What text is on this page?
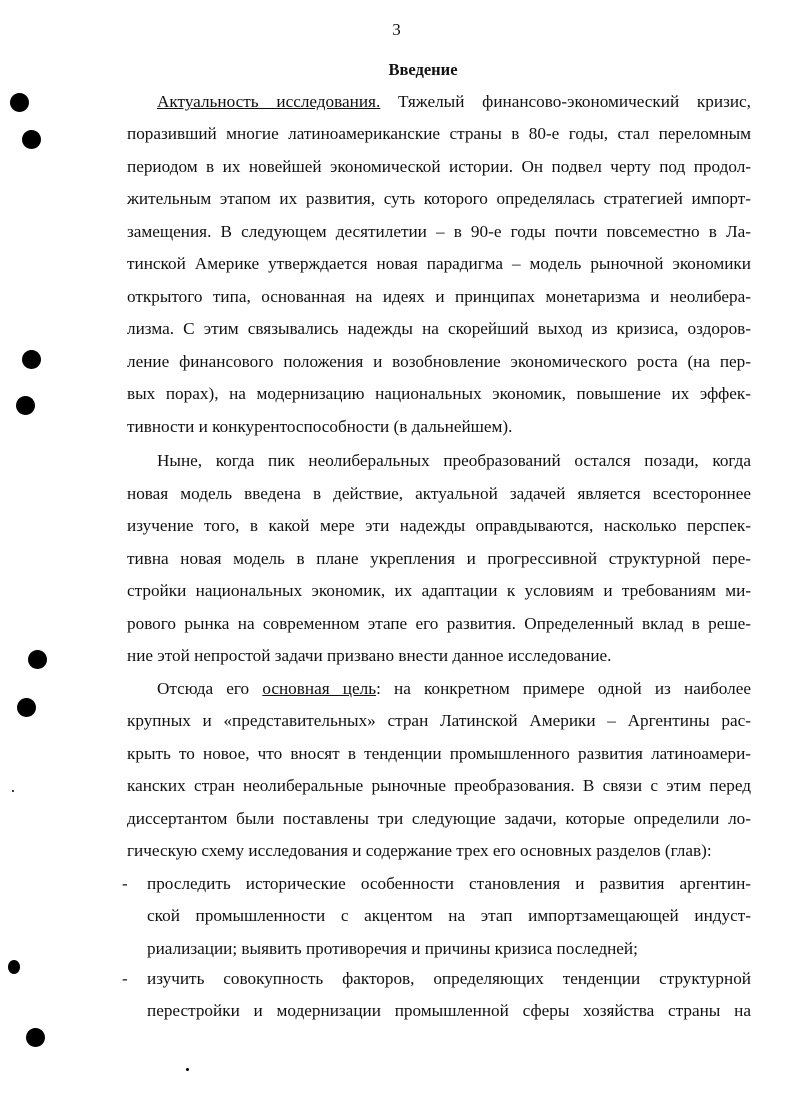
3
Введение
Актуальность исследования. Тяжелый финансово-экономический кризис,
поразивший многие латиноамериканские страны в 80-е годы, стал переломным
периодом в их новейшей экономической истории. Он подвел черту под продол-
жительным этапом их развития, суть которого определялась стратегией импорт-
замещения. В следующем десятилетии – в 90-е годы почти повсеместно в Ла-
тинской Америке утверждается новая парадигма – модель рыночной экономики
открытого типа, основанная на идеях и принципах монетаризма и неолибера-
лизма. С этим связывались надежды на скорейший выход из кризиса, оздоров-
ление финансового положения и возобновление экономического роста (на пер-
вых порах), на модернизацию национальных экономик, повышение их эффек-
тивности и конкурентоспособности (в дальнейшем).
Ныне, когда пик неолиберальных преобразований остался позади, когда
новая модель введена в действие, актуальной задачей является всестороннее
изучение того, в какой мере эти надежды оправдываются, насколько перспек-
тивна новая модель в плане укрепления и прогрессивной структурной пере-
стройки национальных экономик, их адаптации к условиям и требованиям ми-
рового рынка на современном этапе его развития. Определенный вклад в реше-
ние этой непростой задачи призвано внести данное исследование.
Отсюда его основная цель: на конкретном примере одной из наиболее
крупных и «представительных» стран Латинской Америки – Аргентины рас-
крыть то новое, что вносят в тенденции промышленного развития латиноамери-
канских стран неолиберальные рыночные преобразования. В связи с этим перед
диссертантом были поставлены три следующие задачи, которые определили ло-
гическую схему исследования и содержание трех его основных разделов (глав):
- проследить исторические особенности становления и развития аргентин-
ской промышленности с акцентом на этап импортзамещающей индуст-
риализации; выявить противоречия и причины кризиса последней;
- изучить совокупность факторов, определяющих тенденции структурной
перестройки и модернизации промышленной сферы хозяйства страны на
